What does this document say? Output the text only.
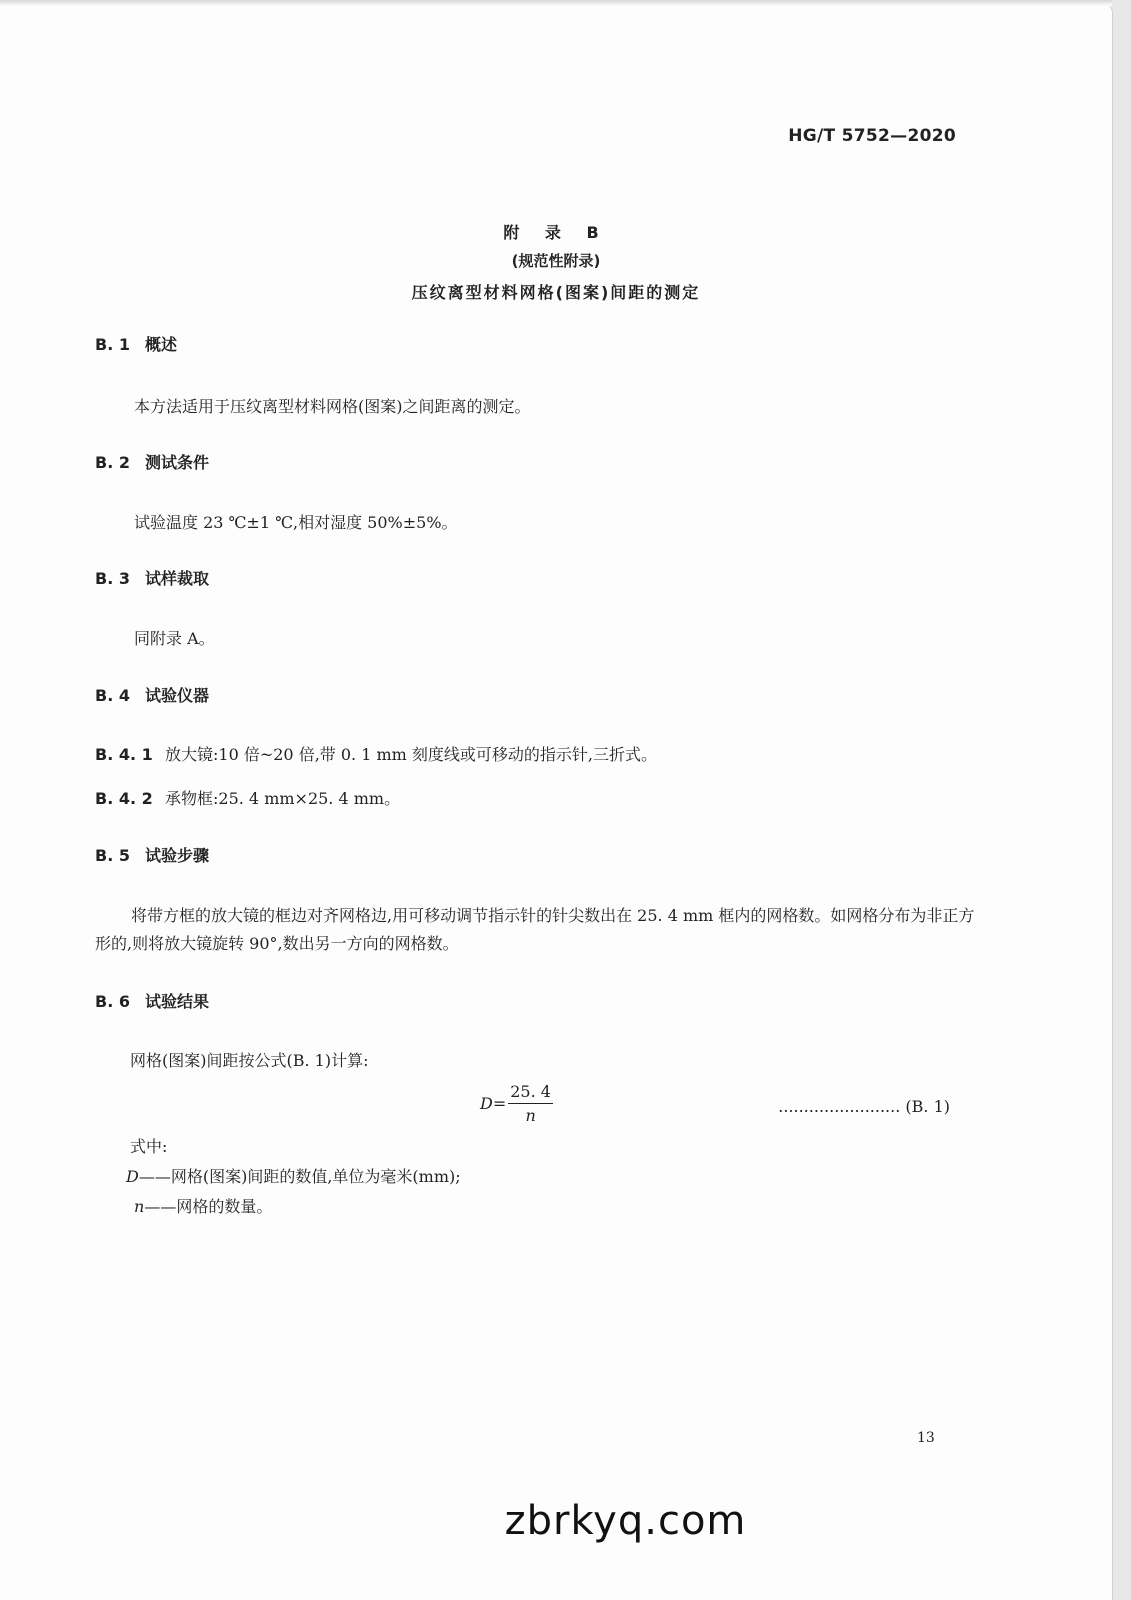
HG/T 5752—2020
附 录 B
(规范性附录)
压纹离型材料网格(图案)间距的测定
B. 1 概述
本方法适用于压纹离型材料网格(图案)之间距离的测定。
B. 2 测试条件
试验温度 23 ℃±1 ℃,相对湿度 50%±5%。
B. 3 试样裁取
同附录 A。
B. 4 试验仪器
B. 4. 1 放大镜:10 倍~20 倍,带 0. 1 mm 刻度线或可移动的指示针,三折式。
B. 4. 2 承物框:25. 4 mm×25. 4 mm。
B. 5 试验步骤
将带方框的放大镜的框边对齐网格边,用可移动调节指示针的针尖数出在 25. 4 mm 框内的网格数。如网格分布为非正方形的,则将放大镜旋转 90°,数出另一方向的网格数。
B. 6 试验结果
网格(图案)间距按公式(B. 1)计算:
$D = \frac{25. 4}{n}$	........................ (B. 1)
式中:
D——网格(图案)间距的数值,单位为毫米(mm);
n——网格的数量。
13
zbrkyq.com
